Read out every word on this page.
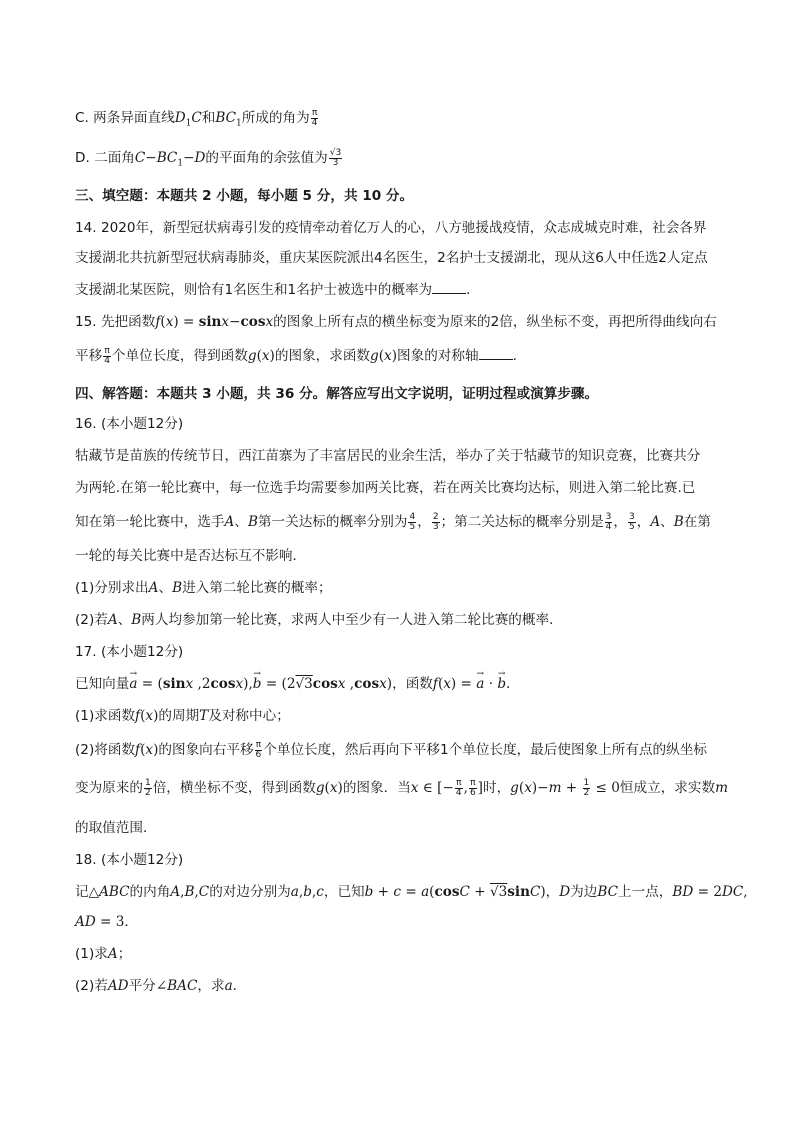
C. 两条异面直线$D_1C$和$BC_1$所成的角为 $\frac{\pi}{4}$
D. 二面角$C-BC_1-D$的平面角的余弦值为 $\frac{√3}{3}$
三、填空题：本题共 2 小题，每小题 5 分，共 10 分。
14. 2020年，新型冠状病毒引发的疫情牵动着亿万人的心，八方驰援战疫情，众志成城克时难，社会各界
支援湖北共抗新型冠状病毒肺炎，重庆某医院派出4名医生，2名护士支援湖北，现从这6人中任选2人定点
支援湖北某医院，则恰有1名医生和1名护士被选中的概率为	.
15. 先把函数f(x) = sinx−cosx的图象上所有点的横坐标变为原来的2倍，纵坐标不变，再把所得曲线向右
平移 $\frac{\pi}{4}$ 个单位长度，得到函数g(x)的图象，求函数g(x)图象的对称轴	.
四、解答题：本题共 3 小题，共 36 分。解答应写出文字说明，证明过程或演算步骤。
16. (本小题12分)
牯藏节是苗族的传统节日，西江苗寨为了丰富居民的业余生活，举办了关于牯藏节的知识竞赛，比赛共分
为两轮.在第一轮比赛中，每一位选手均需要参加两关比赛，若在两关比赛均达标，则进入第二轮比赛.已
知在第一轮比赛中，选手A、B第一关达标的概率分别为 $\frac{4}{5}$ ， $\frac{2}{3}$ ；第二关达标的概率分别是 $\frac{3}{4}$ ， $\frac{3}{5}$ ，A、B在第
一轮的每关比赛中是否达标互不影响．
(1)分别求出A、B进入第二轮比赛的概率；
(2)若A、B两人均参加第一轮比赛，求两人中至少有一人进入第二轮比赛的概率．
17. (本小题12分)
已知向量→ a = (sinx ,2cosx),→ b = (2√3cosx ,cosx)，函数f(x) = → a · → b.
(1)求函数f(x)的周期T及对称中心；
(2)将函数f(x)的图象向右平移 $\frac{\pi}{6}$ 个单位长度，然后再向下平移1个单位长度，最后使图象上所有点的纵坐标
变为原来的 $\frac{1}{2}$ 倍，横坐标不变，得到函数g(x)的图象．当x ∈ [− $\frac{\pi}{4}$ , $\frac{\pi}{6}$ ]时，$g(x)-m + \frac{1}{2} \le 0$恒成立，求实数m
的取值范围．
18. (本小题12分)
记△ABC的内角A,B,C的对边分别为a,b,c，已知b + c = a(cosC + √3sinC)，D为边BC上一点，BD = 2DC,
AD = 3．
(1)求A；
(2)若AD平分∠BAC，求a．
